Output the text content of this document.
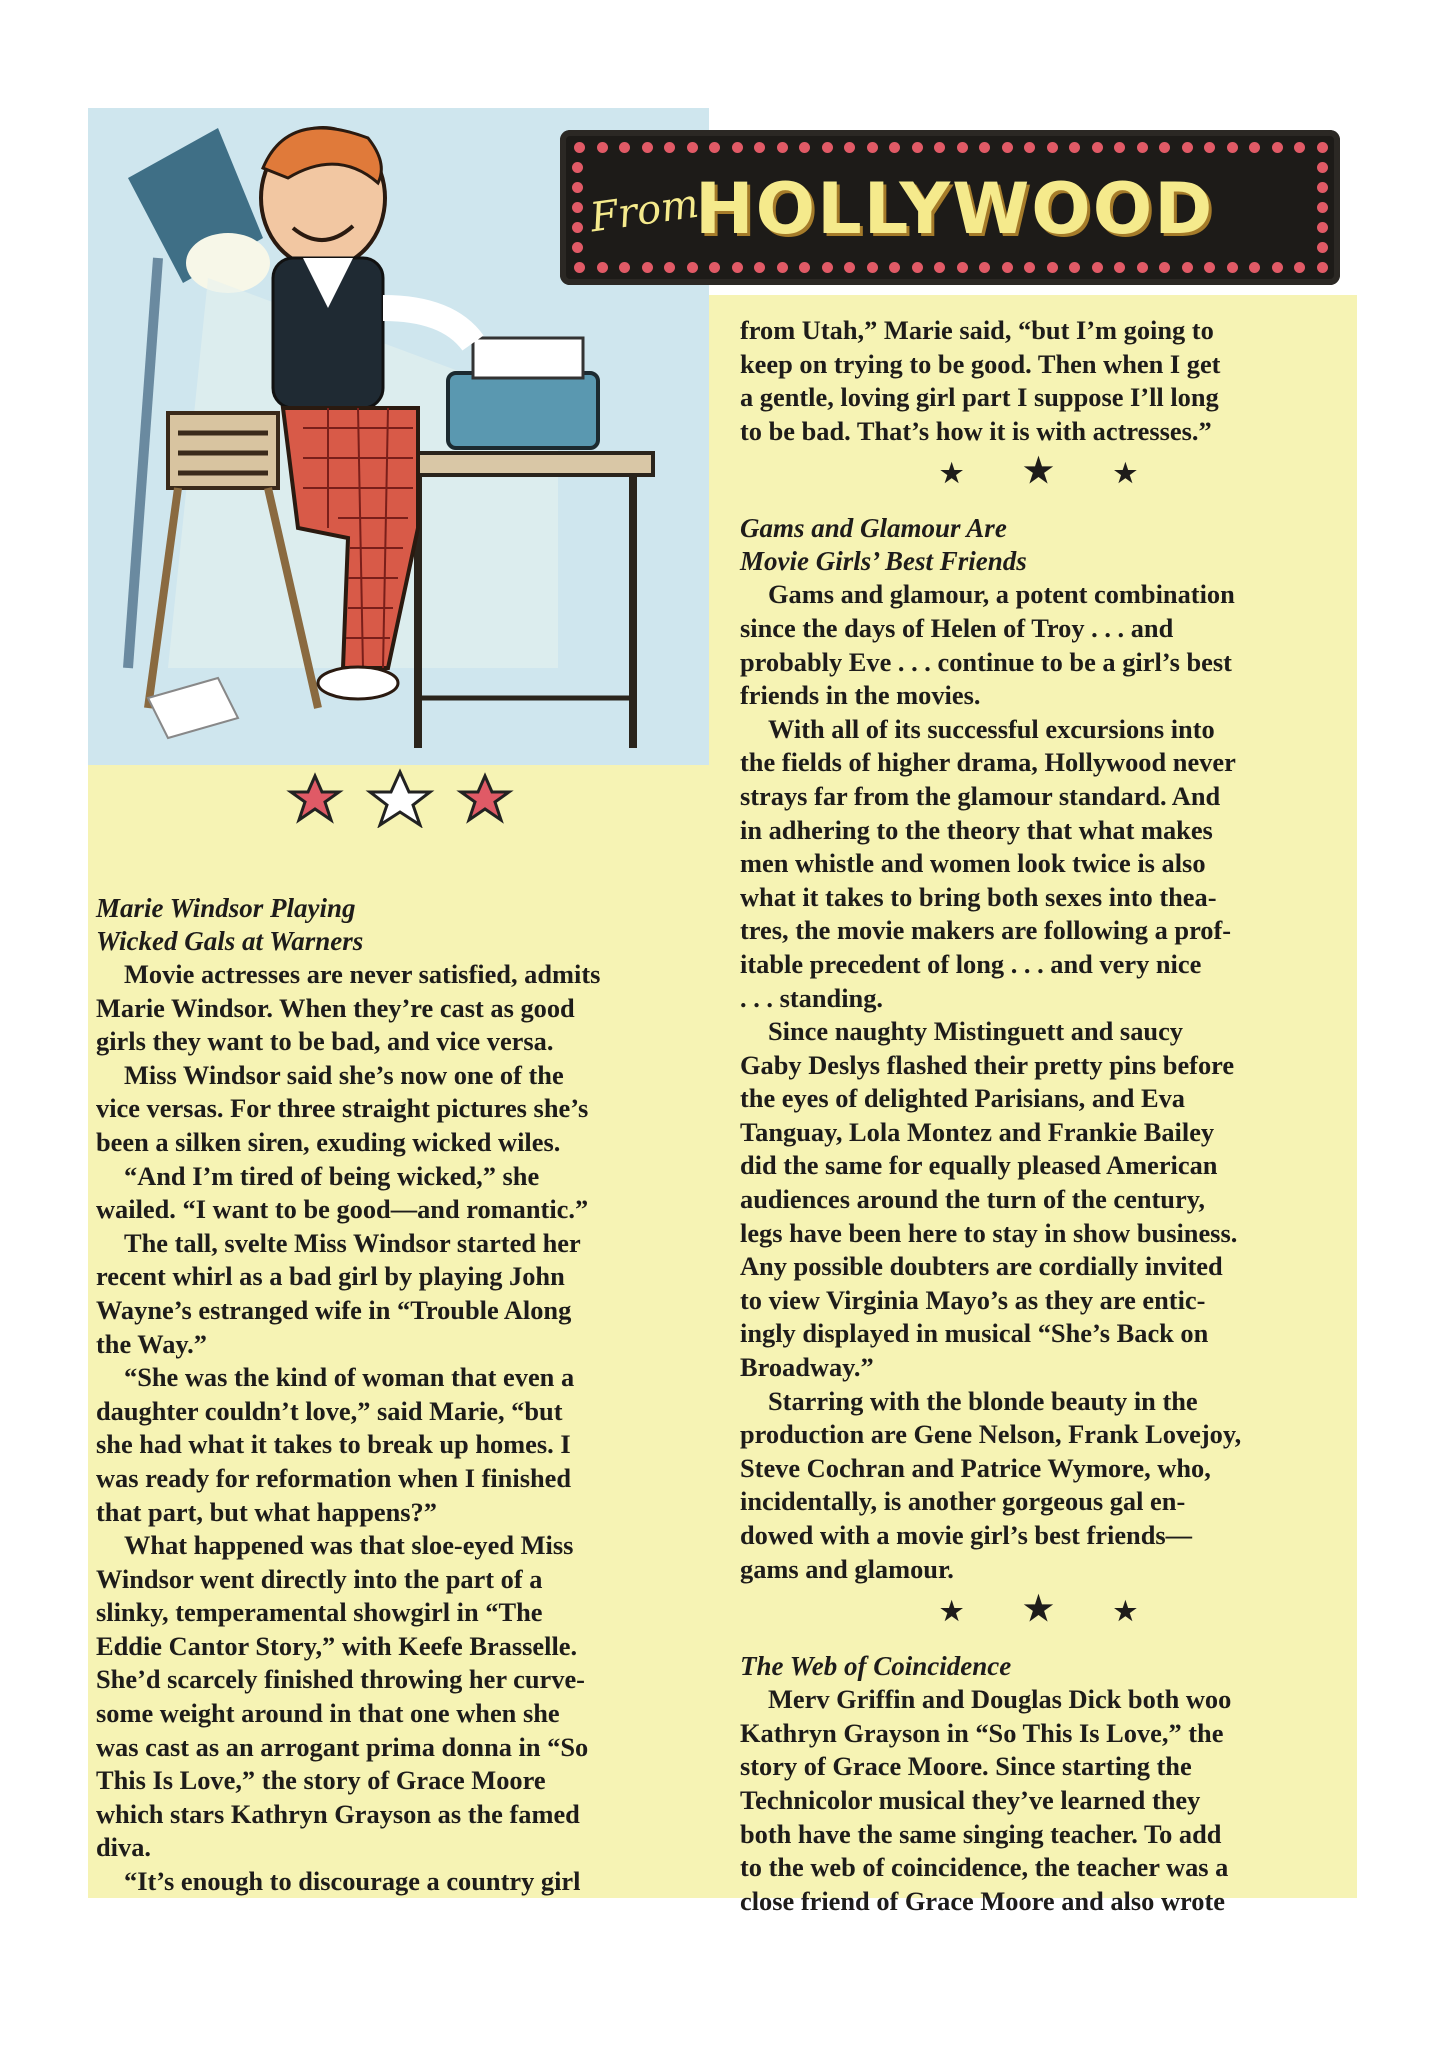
From
HOLLYWOOD
Marie Windsor Playing
Wicked Gals at Warners

Movie actresses are never satisfied, admits
Marie Windsor. When they’re cast as good
girls they want to be bad, and vice versa.

Miss Windsor said she’s now one of the
vice versas. For three straight pictures she’s
been a silken siren, exuding wicked wiles.

“And I’m tired of being wicked,” she
wailed. “I want to be good—and romantic.”

The tall, svelte Miss Windsor started her
recent whirl as a bad girl by playing John
Wayne’s estranged wife in “Trouble Along
the Way.”

“She was the kind of woman that even a
daughter couldn’t love,” said Marie, “but
she had what it takes to break up homes. I
was ready for reformation when I finished
that part, but what happens?”

What happened was that sloe-eyed Miss
Windsor went directly into the part of a
slinky, temperamental showgirl in “The
Eddie Cantor Story,” with Keefe Brasselle.
She’d scarcely finished throwing her curve-
some weight around in that one when she
was cast as an arrogant prima donna in “So
This Is Love,” the story of Grace Moore
which stars Kathryn Grayson as the famed
diva.

“It’s enough to discourage a country girl

from Utah,” Marie said, “but I’m going to
keep on trying to be good. Then when I get
a gentle, loving girl part I suppose I’ll long
to be bad. That’s how it is with actresses.”

★★★
Gams and Glamour Are
Movie Girls’ Best Friends

Gams and glamour, a potent combination
since the days of Helen of Troy . . . and
probably Eve . . . continue to be a girl’s best
friends in the movies.

With all of its successful excursions into
the fields of higher drama, Hollywood never
strays far from the glamour standard. And
in adhering to the theory that what makes
men whistle and women look twice is also
what it takes to bring both sexes into thea-
tres, the movie makers are following a prof-
itable precedent of long . . . and very nice
. . . standing.

Since naughty Mistinguett and saucy
Gaby Deslys flashed their pretty pins before
the eyes of delighted Parisians, and Eva
Tanguay, Lola Montez and Frankie Bailey
did the same for equally pleased American
audiences around the turn of the century,
legs have been here to stay in show business.
Any possible doubters are cordially invited
to view Virginia Mayo’s as they are entic-
ingly displayed in musical “She’s Back on
Broadway.”

Starring with the blonde beauty in the
production are Gene Nelson, Frank Lovejoy,
Steve Cochran and Patrice Wymore, who,
incidentally, is another gorgeous gal en-
dowed with a movie girl’s best friends—
gams and glamour.

★★★
The Web of Coincidence

Merv Griffin and Douglas Dick both woo
Kathryn Grayson in “So This Is Love,” the
story of Grace Moore. Since starting the
Technicolor musical they’ve learned they
both have the same singing teacher. To add
to the web of coincidence, the teacher was a
close friend of Grace Moore and also wrote
